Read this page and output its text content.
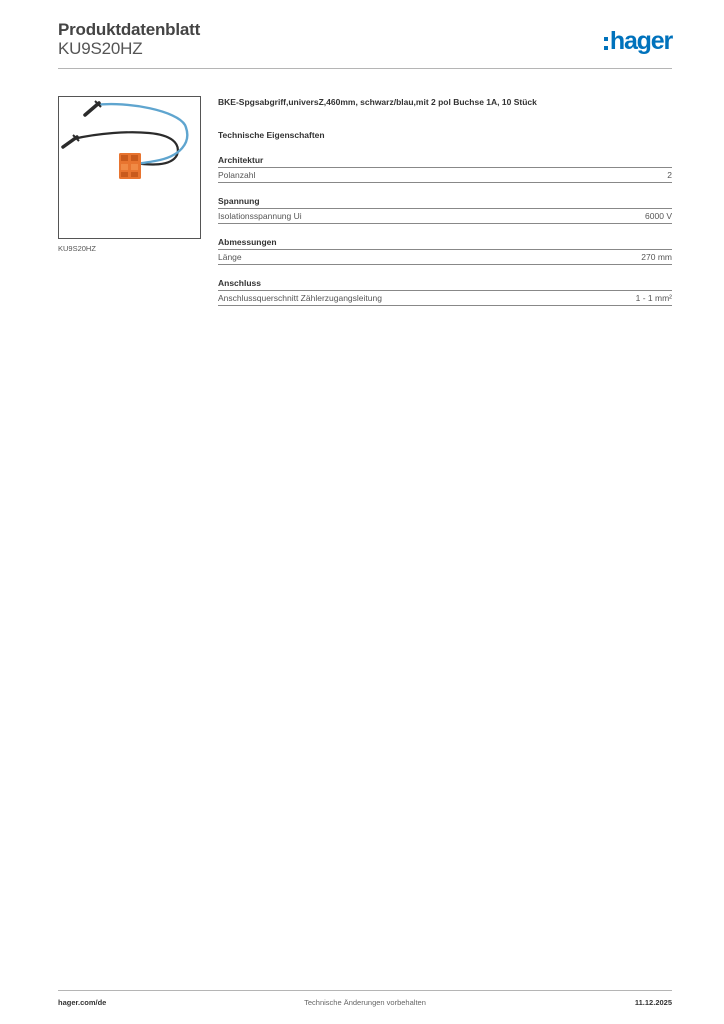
Produktdatenblatt
KU9S20HZ	hager
KU9S20HZ

BKE-Spgsabgriff,universZ,460mm, schwarz/blau,mit 2 pol Buchse 1A, 10 Stück

Technische Eigenschaften
Architektur
Polanzahl	2
Spannung
Isolationsspannung Ui	6000 V
Abmessungen
Länge	270 mm
Anschluss
Anschlussquerschnitt Zählerzugangsleitung	1 - 1 mm²
hager.com/de	Technische Änderungen vorbehalten	11.12.2025
